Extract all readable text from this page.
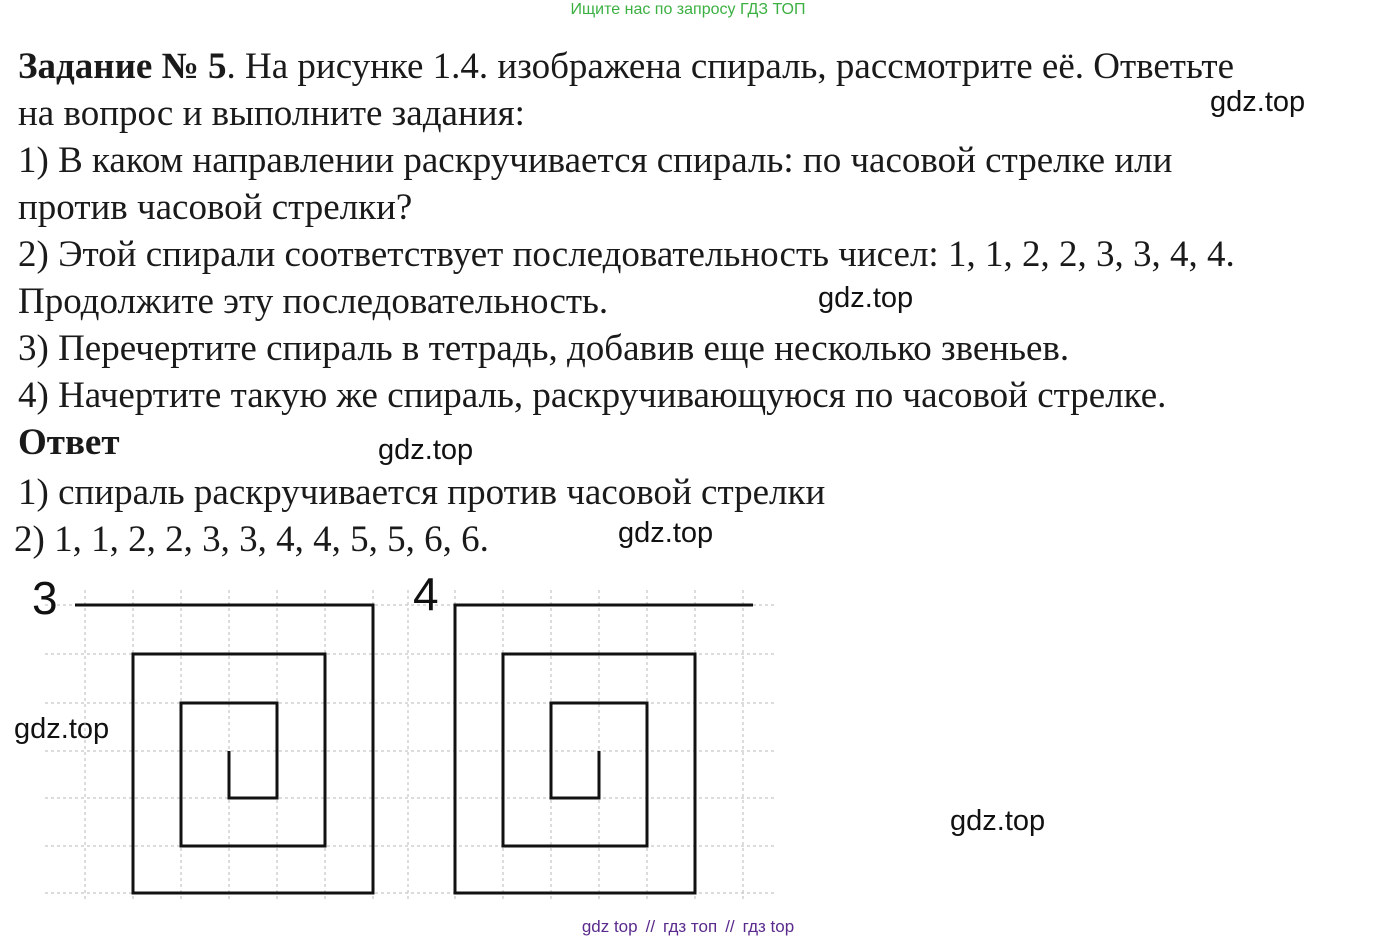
Ищите нас по запросу ГДЗ ТОП
Задание № 5. На рисунке 1.4. изображена спираль, рассмотрите её. Ответьте
на вопрос и выполните задания:
1) В каком направлении раскручивается спираль: по часовой стрелке или
против часовой стрелки?
2) Этой спирали соответствует последовательность чисел: 1, 1, 2, 2, 3, 3, 4, 4.
Продолжите эту последовательность.
3) Перечертите спираль в тетрадь, добавив еще несколько звеньев.
4) Начертите такую же спираль, раскручивающуюся по часовой стрелке.
Ответ
1) спираль раскручивается против часовой стрелки
2) 1, 1, 2, 2, 3, 3, 4, 4, 5, 5, 6, 6.
gdz.top
gdz.top
gdz.top
gdz.top
gdz.top
gdz.top
3	4
gdz top // гдз топ // гдз top
